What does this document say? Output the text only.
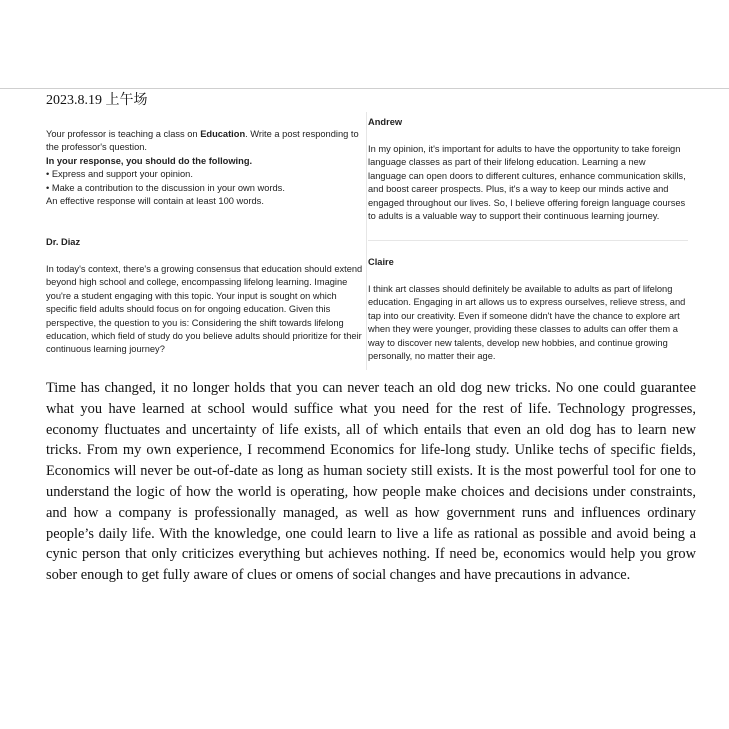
2023.8.19 上午场

Your professor is teaching a class on Education. Write a post responding to the professor's question.

In your response, you should do the following.

• Express and support your opinion.

• Make a contribution to the discussion in your own words.

An effective response will contain at least 100 words.

Dr. Diaz
In today's context, there's a growing consensus that education should extend beyond high school and college, encompassing lifelong learning. Imagine you're a student engaging with this topic. Your input is sought on which specific field adults should focus on for ongoing education. Given this perspective, the question to you is: Considering the shift towards lifelong education, which field of study do you believe adults should prioritize for their continuous learning journey?
Andrew
In my opinion, it's important for adults to have the opportunity to take foreign language classes as part of their lifelong education. Learning a new language can open doors to different cultures, enhance communication skills, and boost career prospects. Plus, it's a way to keep our minds active and engaged throughout our lives. So, I believe offering foreign language courses to adults is a valuable way to support their continuous learning journey.
Claire
I think art classes should definitely be available to adults as part of lifelong education. Engaging in art allows us to express ourselves, relieve stress, and tap into our creativity. Even if someone didn't have the chance to explore art when they were younger, providing these classes to adults can offer them a way to discover new talents, develop new hobbies, and continue growing personally, no matter their age.
Time has changed, it no longer holds that you can never teach an old dog new tricks. No one could guarantee what you have learned at school would suffice what you need for the rest of life. Technology progresses, economy fluctuates and uncertainty of life exists, all of which entails that even an old dog has to learn new tricks. From my own experience, I recommend Economics for life-long study. Unlike techs of specific fields, Economics will never be out-of-date as long as human society still exists. It is the most powerful tool for one to understand the logic of how the world is operating, how people make choices and decisions under constraints, and how a company is professionally managed, as well as how government runs and influences ordinary people’s daily life. With the knowledge, one could learn to live a life as rational as possible and avoid being a cynic person that only criticizes everything but achieves nothing. If need be, economics would help you grow sober enough to get fully aware of clues or omens of social changes and have precautions in advance.
